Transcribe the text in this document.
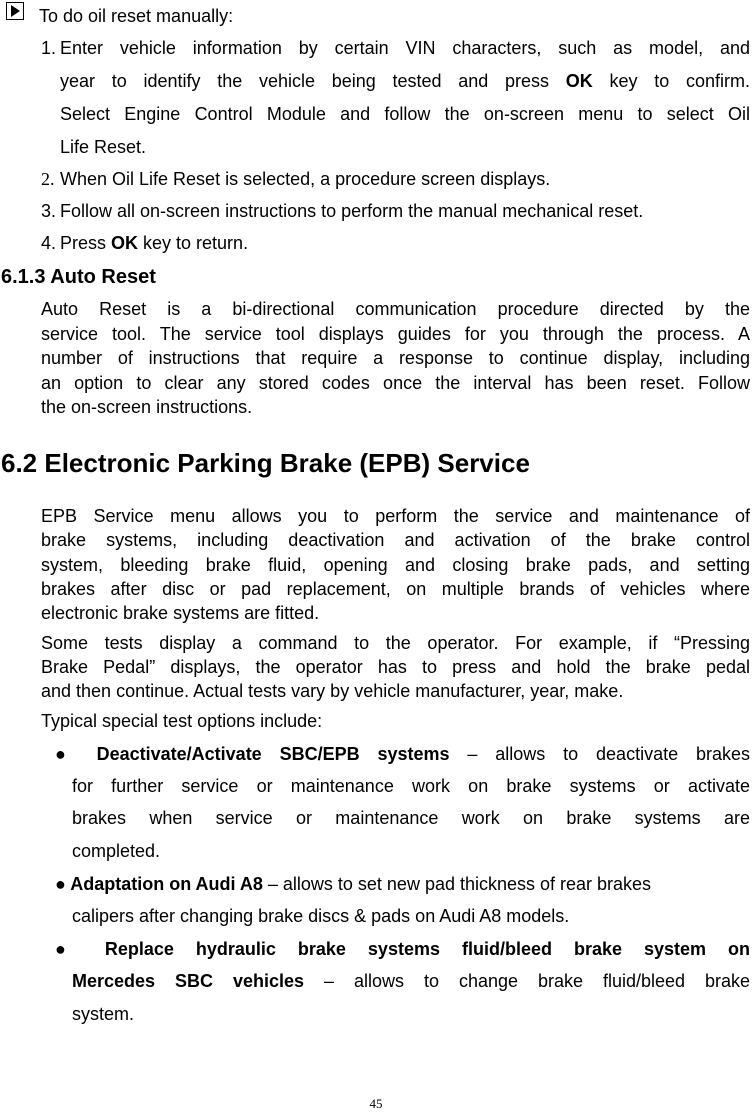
To do oil reset manually:
1. Enter vehicle information by certain VIN characters, such as model, and
year to identify the vehicle being tested and press OK key to confirm.
Select Engine Control Module and follow the on-screen menu to select Oil
Life Reset.
2. When Oil Life Reset is selected, a procedure screen displays.
3. Follow all on-screen instructions to perform the manual mechanical reset.
4. Press OK key to return.
6.1.3 Auto Reset
Auto Reset is a bi-directional communication procedure directed by the
service tool. The service tool displays guides for you through the process. A
number of instructions that require a response to continue display, including
an option to clear any stored codes once the interval has been reset. Follow
the on-screen instructions.
6.2 Electronic Parking Brake (EPB) Service
EPB Service menu allows you to perform the service and maintenance of
brake systems, including deactivation and activation of the brake control
system, bleeding brake fluid, opening and closing brake pads, and setting
brakes after disc or pad replacement, on multiple brands of vehicles where
electronic brake systems are fitted.
Some tests display a command to the operator. For example, if “Pressing
Brake Pedal” displays, the operator has to press and hold the brake pedal
and then continue. Actual tests vary by vehicle manufacturer, year, make.
Typical special test options include:
● Deactivate/Activate SBC/EPB systems – allows to deactivate brakes
for further service or maintenance work on brake systems or activate
brakes when service or maintenance work on brake systems are
completed.
● Adaptation on Audi A8 – allows to set new pad thickness of rear brakes
calipers after changing brake discs & pads on Audi A8 models.
● Replace hydraulic brake systems fluid/bleed brake system on
Mercedes SBC vehicles – allows to change brake fluid/bleed brake
system.
45
